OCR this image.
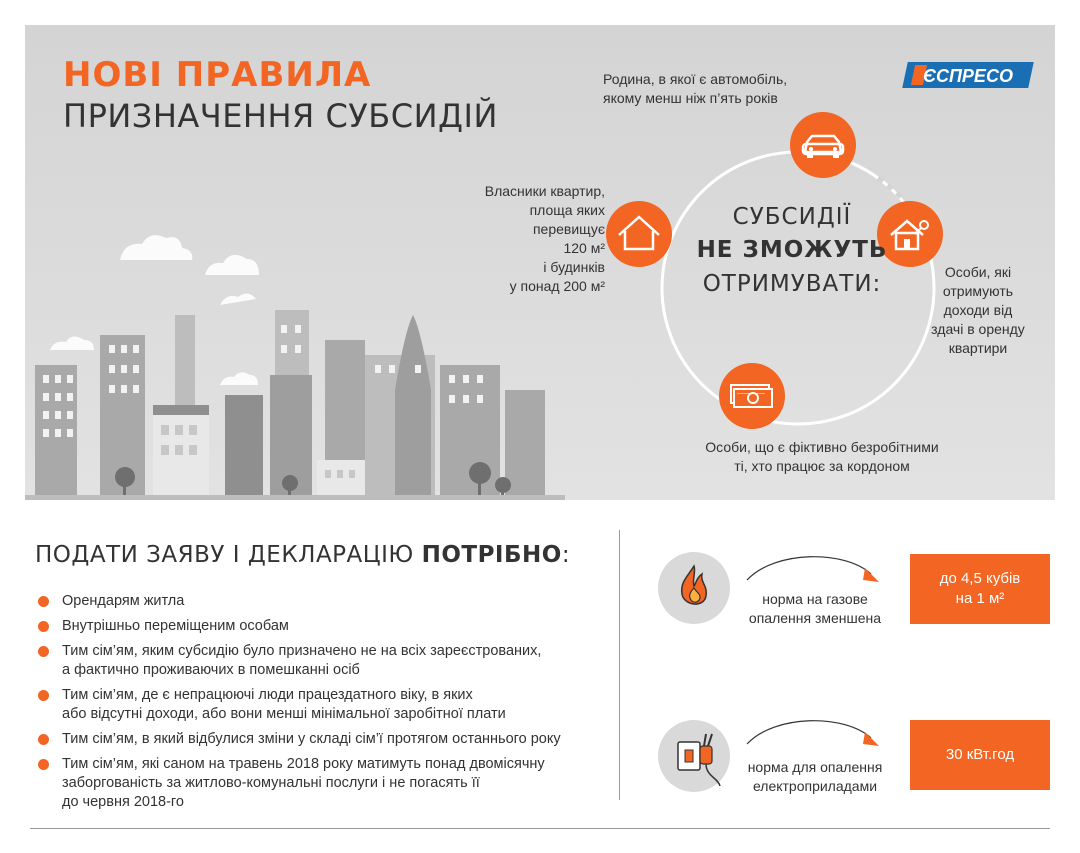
НОВІ ПРАВИЛА
ПРИЗНАЧЕННЯ СУБСИДІЙ
ЄСПРЕСО
СУБСИДІЇ
НЕ ЗМОЖУТЬ
ОТРИМУВАТИ:
Родина, в якої є автомобіль,
якому менш ніж п’ять років
Особи, які
отримують
доходи від
здачі в оренду
квартири
Особи, що є фіктивно безробітними
ті, хто працює за кордоном
Власники квартир,
площа яких
перевищує
120 м²
і будинків
у понад 200 м²
ПОДАТИ ЗАЯВУ І ДЕКЛАРАЦІЮ ПОТРІБНО:
Орендарям житла
Внутрішньо переміщеним особам
Тим сім’ям, яким субсидію було призначено не на всіх зареєстрованих,
а фактично проживаючих в помешканні осіб
Тим сім’ям, де є непрацюючі люди працездатного віку, в яких
або відсутні доходи, або вони менші мінімальної заробітної плати
Тим сім’ям, в який відбулися зміни у складі сім’ї протягом останнього року
Тим сім’ям, які саном на травень 2018 року матимуть понад двомісячну
заборгованість за житлово-комунальні послуги і не погасять її
до червня 2018-го
норма на газове
опалення зменшена
до 4,5 кубів
на 1 м²
норма для опалення
електроприладами
30 кВт.год
